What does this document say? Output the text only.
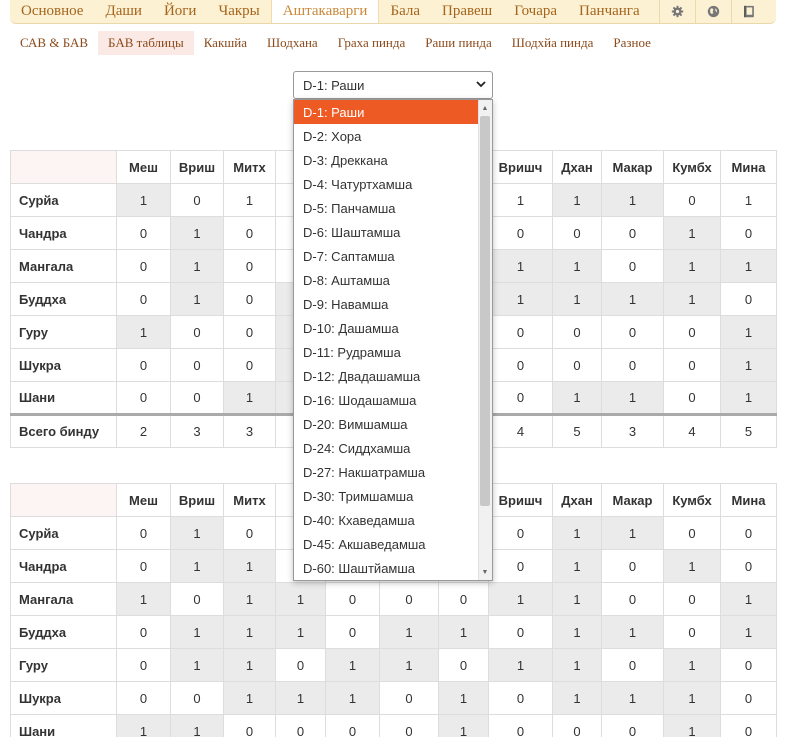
Основное	Даши	Йоги	Чакры	Аштакаварги	Бала	Правеш	Гочара	Панчанга
САВ & БАВ	БАВ таблицы	Какшйа	Шодхана	Граха пинда	Раши пинда	Шодхйа пинда	Разное
D-1: Раши
	Меш	Вриш	Митх					Вришч	Дхан	Макар	Кумбх	Мина
Сурйа	1	0	1					1	1	1	0	1
Чандра	0	1	0					0	0	0	1	0
Мангала	0	1	0					1	1	0	1	1
Буддха	0	1	0					1	1	1	1	0
Гуру	1	0	0					0	0	0	0	1
Шукра	0	0	0					0	0	0	0	1
Шани	0	0	1					0	1	1	0	1
Всего бинду	2	3	3					4	5	3	4	5
	Меш	Вриш	Митх					Вришч	Дхан	Макар	Кумбх	Мина
Сурйа	0	1	0					0	1	1	0	0
Чандра	0	1	1					0	1	0	1	0
Мангала	1	0	1	1	0	0	0	1	1	0	0	1
Буддха	0	1	1	1	0	1	1	0	1	1	0	1
Гуру	0	1	1	0	1	1	0	1	1	0	1	0
Шукра	0	0	1	1	1	0	1	0	1	1	1	0
Шани	1	1	0	0	0	0	1	0	0	0	1	0
D-1: Раши
D-2: Хора
D-3: Дреккана
D-4: Чатуртхамша
D-5: Панчамша
D-6: Шаштамша
D-7: Саптамша
D-8: Аштамша
D-9: Навамша
D-10: Дашамша
D-11: Рудрамша
D-12: Двадашамша
D-16: Шодашамша
D-20: Вимшамша
D-24: Сиддхамша
D-27: Накшатрамша
D-30: Тримшамша
D-40: Кхаведамша
D-45: Акшаведамша
D-60: Шаштйамша
▲
▼
